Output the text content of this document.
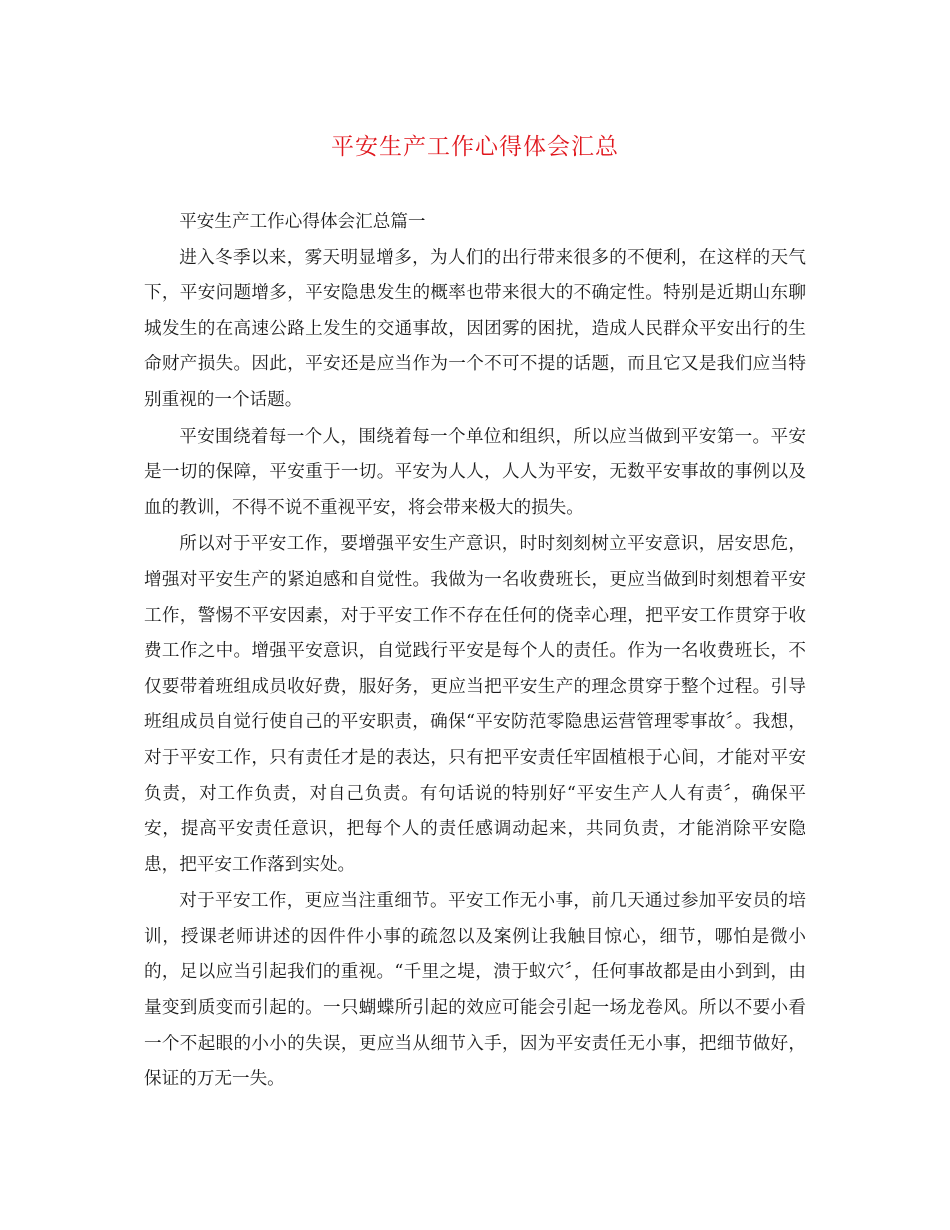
平安生产工作心得体会汇总

平安生产工作心得体会汇总篇一

进入冬季以来，雾天明显增多，为人们的出行带来很多的不便利，在这样的天气下，平安问题增多，平安隐患发生的概率也带来很大的不确定性。特别是近期山东聊城发生的在高速公路上发生的交通事故，因团雾的困扰，造成人民群众平安出行的生命财产损失。因此，平安还是应当作为一个不可不提的话题，而且它又是我们应当特别重视的一个话题。

平安围绕着每一个人，围绕着每一个单位和组织，所以应当做到平安第一。平安是一切的保障，平安重于一切。平安为人人，人人为平安，无数平安事故的事例以及血的教训，不得不说不重视平安，将会带来极大的损失。

所以对于平安工作，要增强平安生产意识，时时刻刻树立平安意识，居安思危，增强对平安生产的紧迫感和自觉性。我做为一名收费班长，更应当做到时刻想着平安工作，警惕不平安因素，对于平安工作不存在任何的侥幸心理，把平安工作贯穿于收费工作之中。增强平安意识，自觉践行平安是每个人的责任。作为一名收费班长，不仅要带着班组成员收好费，服好务，更应当把平安生产的理念贯穿于整个过程。引导班组成员自觉行使自己的平安职责，确保“平安防范零隐患运营管理零事故〞。我想，对于平安工作，只有责任才是的表达，只有把平安责任牢固植根于心间，才能对平安负责，对工作负责，对自己负责。有句话说的特别好“平安生产人人有责〞，确保平安，提高平安责任意识，把每个人的责任感调动起来，共同负责，才能消除平安隐患，把平安工作落到实处。

对于平安工作，更应当注重细节。平安工作无小事，前几天通过参加平安员的培训，授课老师讲述的因件件小事的疏忽以及案例让我触目惊心，细节，哪怕是微小的，足以应当引起我们的重视。“千里之堤，溃于蚁穴〞，任何事故都是由小到到，由量变到质变而引起的。一只蝴蝶所引起的效应可能会引起一场龙卷风。所以不要小看一个不起眼的小小的失误，更应当从细节入手，因为平安责任无小事，把细节做好，保证的万无一失。
